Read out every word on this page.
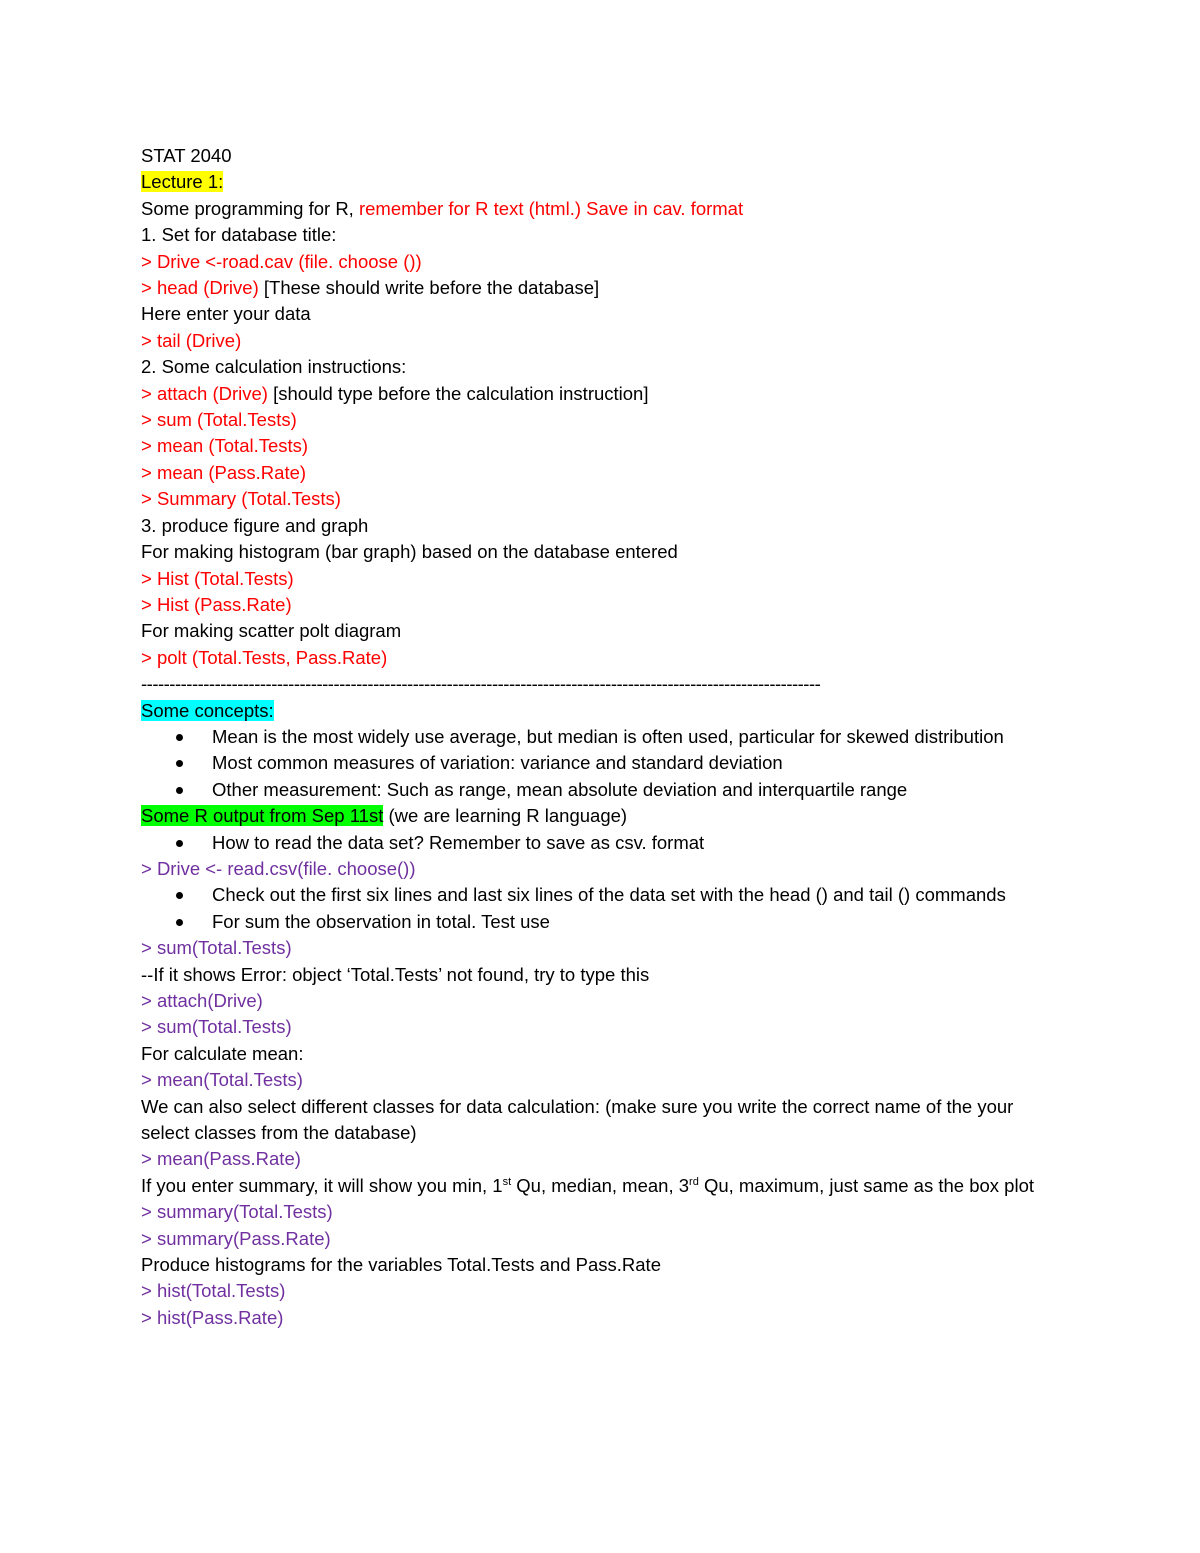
STAT 2040

Lecture 1:

Some programming for R, remember for R text (html.) Save in cav. format

1. Set for database title:

> Drive <-road.cav (file. choose ())

> head (Drive) [These should write before the database]

Here enter your data

> tail (Drive)

2. Some calculation instructions:

> attach (Drive) [should type before the calculation instruction]

> sum (Total.Tests)

> mean (Total.Tests)

> mean (Pass.Rate)

> Summary (Total.Tests)

3. produce figure and graph

For making histogram (bar graph) based on the database entered

> Hist (Total.Tests)

> Hist (Pass.Rate)

For making scatter polt diagram

> polt (Total.Tests, Pass.Rate)

------------------------------------------------------------------------------------------------------------------------

Some concepts:

Mean is the most widely use average, but median is often used, particular for skewed distribution
Most common measures of variation: variance and standard deviation
Other measurement: Such as range, mean absolute deviation and interquartile range

Some R output from Sep 11st (we are learning R language)

How to read the data set? Remember to save as csv. format

> Drive <- read.csv(file. choose())

Check out the first six lines and last six lines of the data set with the head () and tail () commands
For sum the observation in total. Test use

> sum(Total.Tests)

--If it shows Error: object ‘Total.Tests’ not found, try to type this

> attach(Drive)

> sum(Total.Tests)

For calculate mean:

> mean(Total.Tests)

We can also select different classes for data calculation: (make sure you write the correct name of the your select classes from the database)

> mean(Pass.Rate)

If you enter summary, it will show you min, 1st Qu, median, mean, 3rd Qu, maximum, just same as the box plot

> summary(Total.Tests)

> summary(Pass.Rate)

Produce histograms for the variables Total.Tests and Pass.Rate

> hist(Total.Tests)

> hist(Pass.Rate)
